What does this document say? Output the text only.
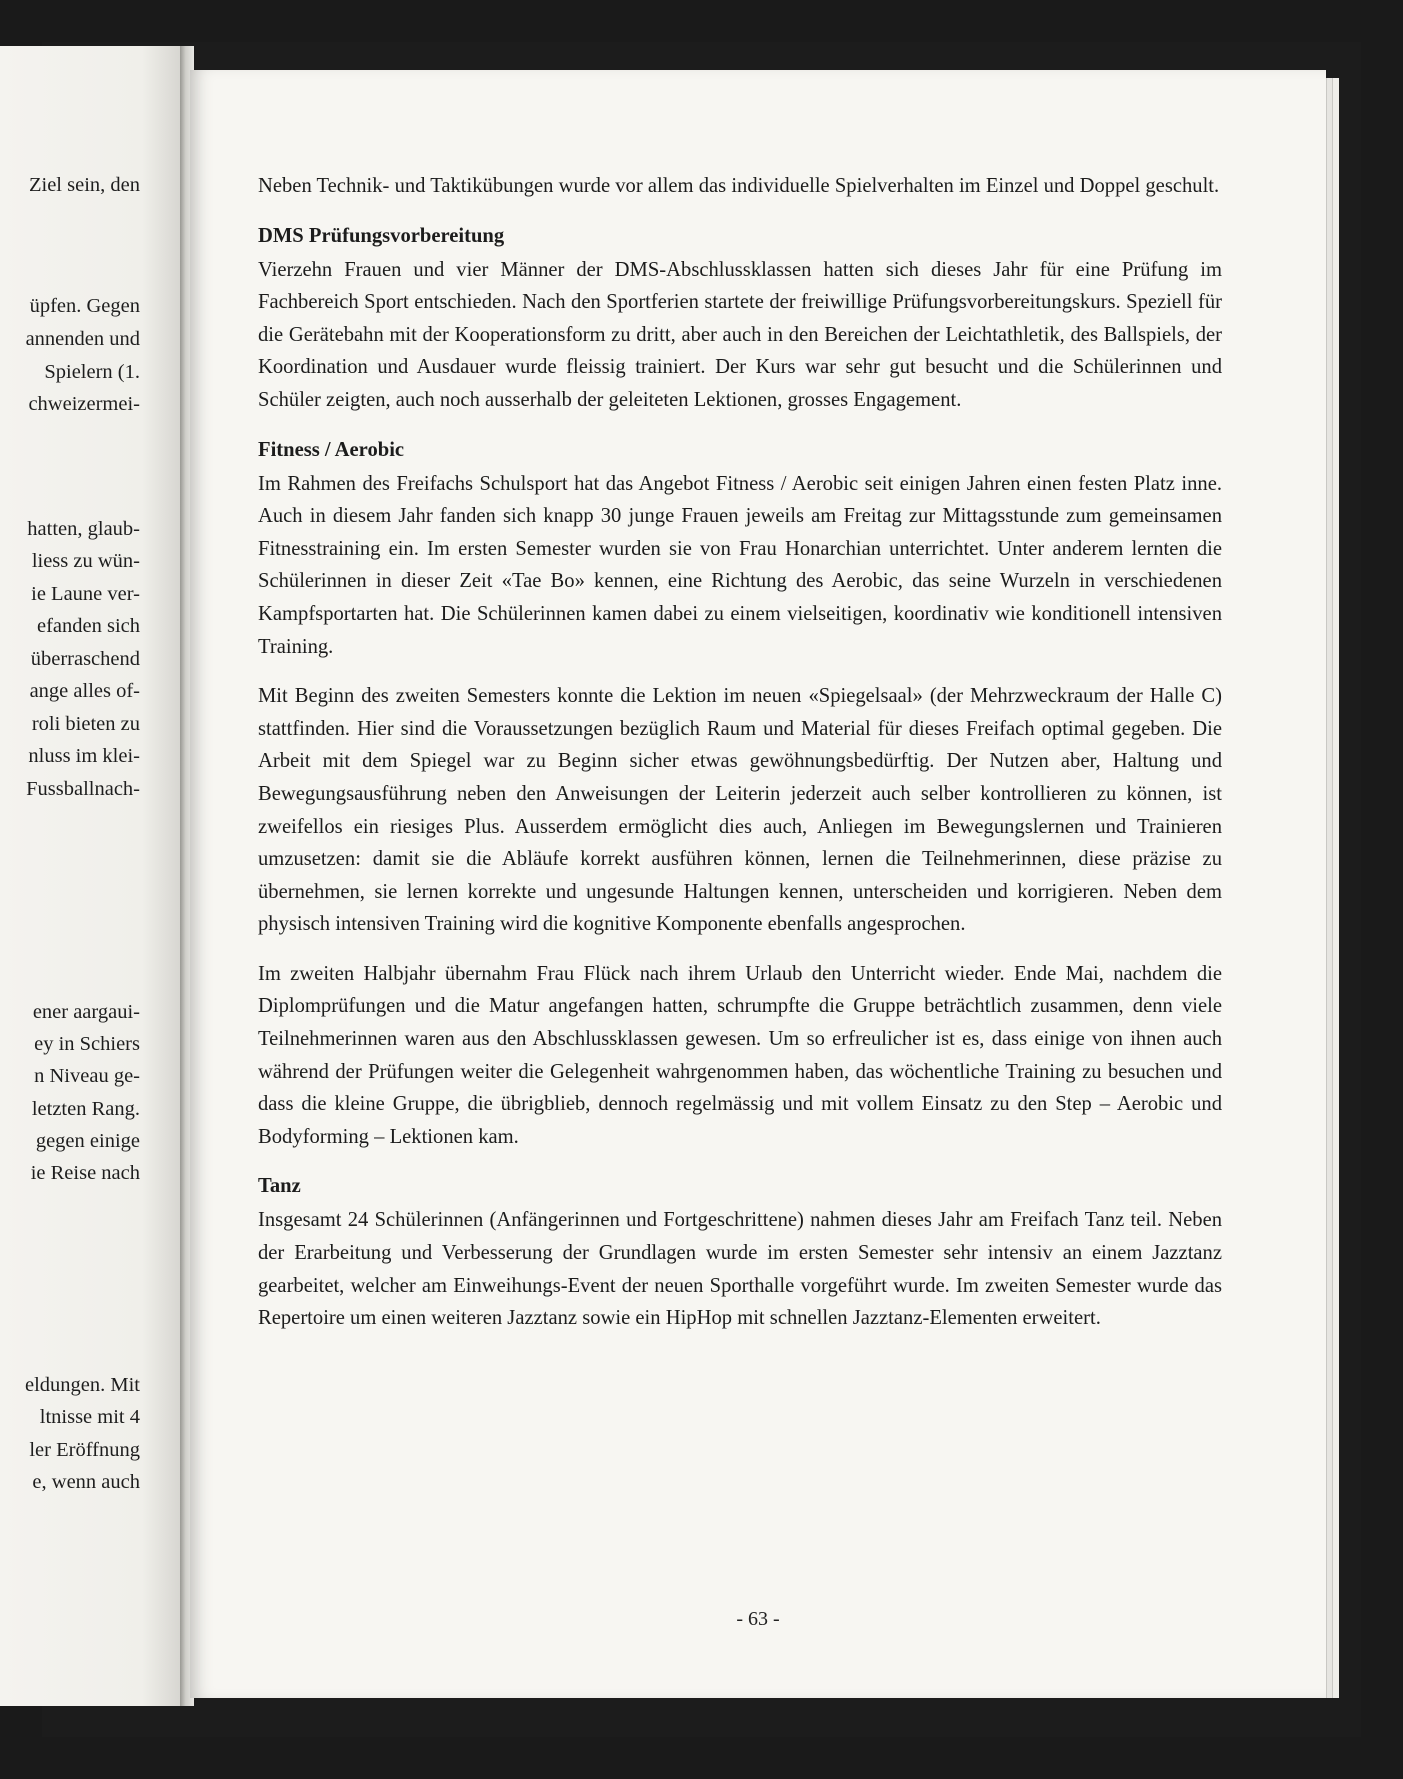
Ziel sein, den
üpfen. Gegen
annenden und
Spielern (1.
chweizermei-
hatten, glaub-
liess zu wün-
ie Laune ver-
efanden sich
überraschend
ange alles of-
roli bieten zu
nluss im klei-
Fussballnach-
ener aargaui-
ey in Schiers
n Niveau ge-
letzten Rang.
gegen einige
ie Reise nach
eldungen. Mit
ltnisse mit 4
ler Eröffnung
e, wenn auch

Neben Technik- und Taktikübungen wurde vor allem das individuelle Spielverhalten im Einzel und Doppel geschult.

DMS Prüfungsvorbereitung

Vierzehn Frauen und vier Männer der DMS-Abschlussklassen hatten sich dieses Jahr für eine Prüfung im Fachbereich Sport entschieden. Nach den Sportferien startete der freiwillige Prüfungsvorbereitungskurs. Speziell für die Gerätebahn mit der Kooperationsform zu dritt, aber auch in den Bereichen der Leichtathletik, des Ballspiels, der Koordination und Ausdauer wurde fleissig trainiert. Der Kurs war sehr gut besucht und die Schülerinnen und Schüler zeigten, auch noch ausserhalb der geleiteten Lektionen, grosses Engagement.

Fitness / Aerobic

Im Rahmen des Freifachs Schulsport hat das Angebot Fitness / Aerobic seit einigen Jahren einen festen Platz inne. Auch in diesem Jahr fanden sich knapp 30 junge Frauen jeweils am Freitag zur Mittagsstunde zum gemeinsamen Fitnesstraining ein. Im ersten Semester wurden sie von Frau Honarchian unterrichtet. Unter anderem lernten die Schülerinnen in dieser Zeit «Tae Bo» kennen, eine Richtung des Aerobic, das seine Wurzeln in verschiedenen Kampfsportarten hat. Die Schülerinnen kamen dabei zu einem vielseitigen, koordinativ wie konditionell intensiven Training.

Mit Beginn des zweiten Semesters konnte die Lektion im neuen «Spiegelsaal» (der Mehrzweckraum der Halle C) stattfinden. Hier sind die Voraussetzungen bezüglich Raum und Material für dieses Freifach optimal gegeben. Die Arbeit mit dem Spiegel war zu Beginn sicher etwas gewöhnungsbedürftig. Der Nutzen aber, Haltung und Bewegungsausführung neben den Anweisungen der Leiterin jederzeit auch selber kontrollieren zu können, ist zweifellos ein riesiges Plus. Ausserdem ermöglicht dies auch, Anliegen im Bewegungslernen und Trainieren umzusetzen: damit sie die Abläufe korrekt ausführen können, lernen die Teilnehmerinnen, diese präzise zu übernehmen, sie lernen korrekte und ungesunde Haltungen kennen, unterscheiden und korrigieren. Neben dem physisch intensiven Training wird die kognitive Komponente ebenfalls angesprochen.

Im zweiten Halbjahr übernahm Frau Flück nach ihrem Urlaub den Unterricht wieder. Ende Mai, nachdem die Diplomprüfungen und die Matur angefangen hatten, schrumpfte die Gruppe beträchtlich zusammen, denn viele Teilnehmerinnen waren aus den Abschlussklassen gewesen. Um so erfreulicher ist es, dass einige von ihnen auch während der Prüfungen weiter die Gelegenheit wahrgenommen haben, das wöchentliche Training zu besuchen und dass die kleine Gruppe, die übrigblieb, dennoch regelmässig und mit vollem Einsatz zu den Step – Aerobic und Bodyforming – Lektionen kam.

Tanz

Insgesamt 24 Schülerinnen (Anfängerinnen und Fortgeschrittene) nahmen dieses Jahr am Freifach Tanz teil. Neben der Erarbeitung und Verbesserung der Grundlagen wurde im ersten Semester sehr intensiv an einem Jazztanz gearbeitet, welcher am Einweihungs-Event der neuen Sporthalle vorgeführt wurde. Im zweiten Semester wurde das Repertoire um einen weiteren Jazztanz sowie ein HipHop mit schnellen Jazztanz-Elementen erweitert.

- 63 -
